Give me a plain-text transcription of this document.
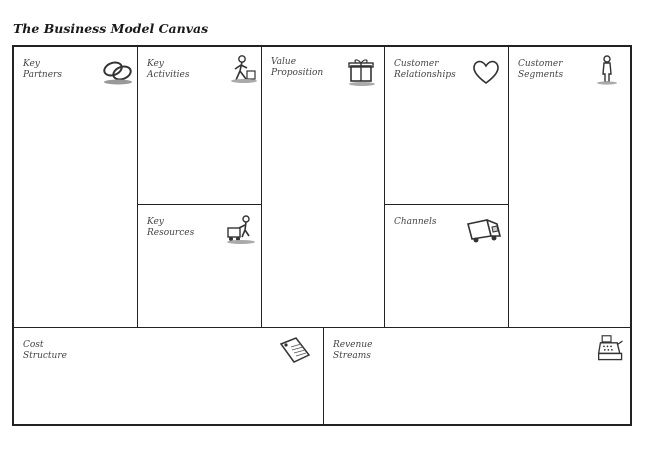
The Business Model Canvas
Key
Partners
Key
Activities
Key
Resources
Value
Proposition
Customer
Relationships
Channels
Customer
Segments
Cost
Structure
Revenue
Streams
